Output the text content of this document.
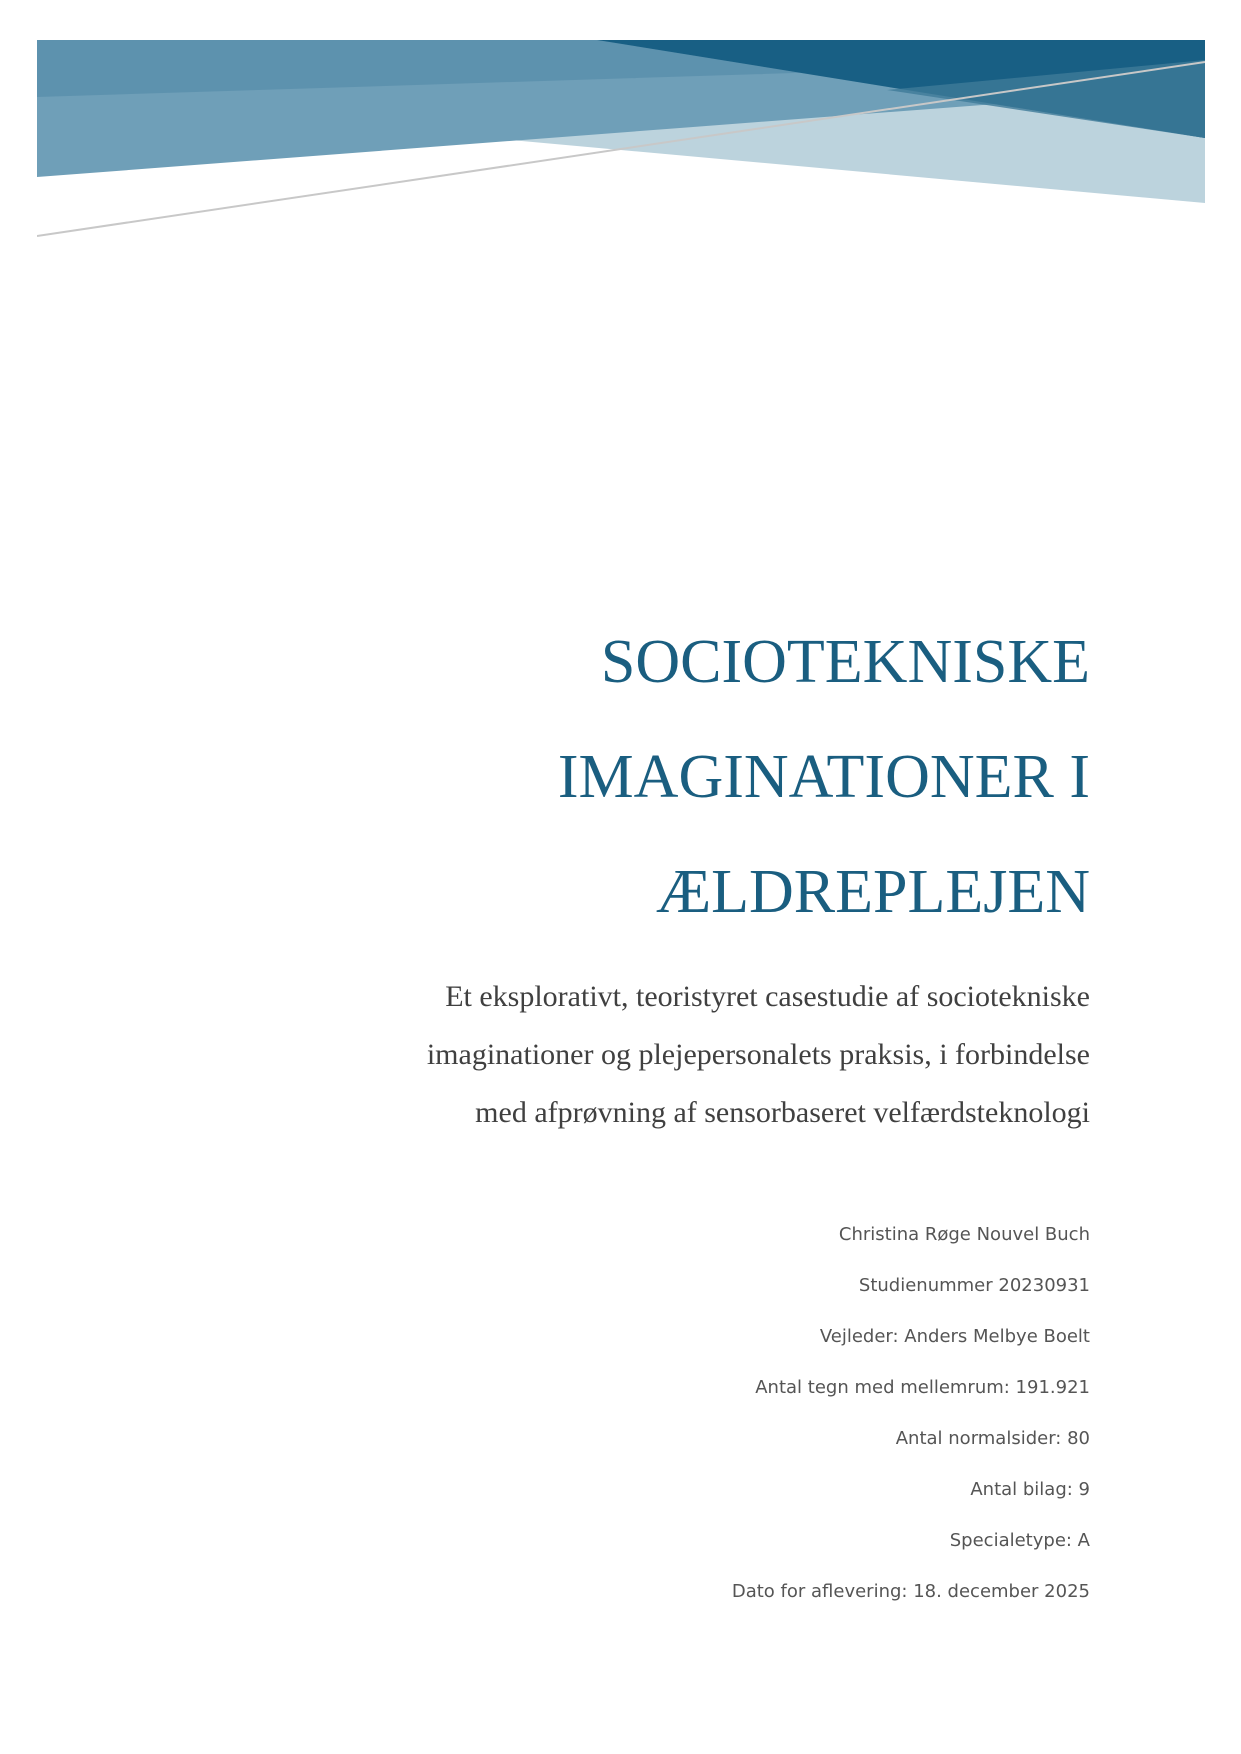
SOCIOTEKNISKE
IMAGINATIONER I
ÆLDREPLEJEN
Et eksplorativt, teoristyret casestudie af sociotekniske
imaginationer og plejepersonalets praksis, i forbindelse
med afprøvning af sensorbaseret velfærdsteknologi
Christina Røge Nouvel Buch
Studienummer 20230931
Vejleder: Anders Melbye Boelt
Antal tegn med mellemrum: 191.921
Antal normalsider: 80
Antal bilag: 9
Specialetype: A
Dato for aflevering: 18. december 2025
